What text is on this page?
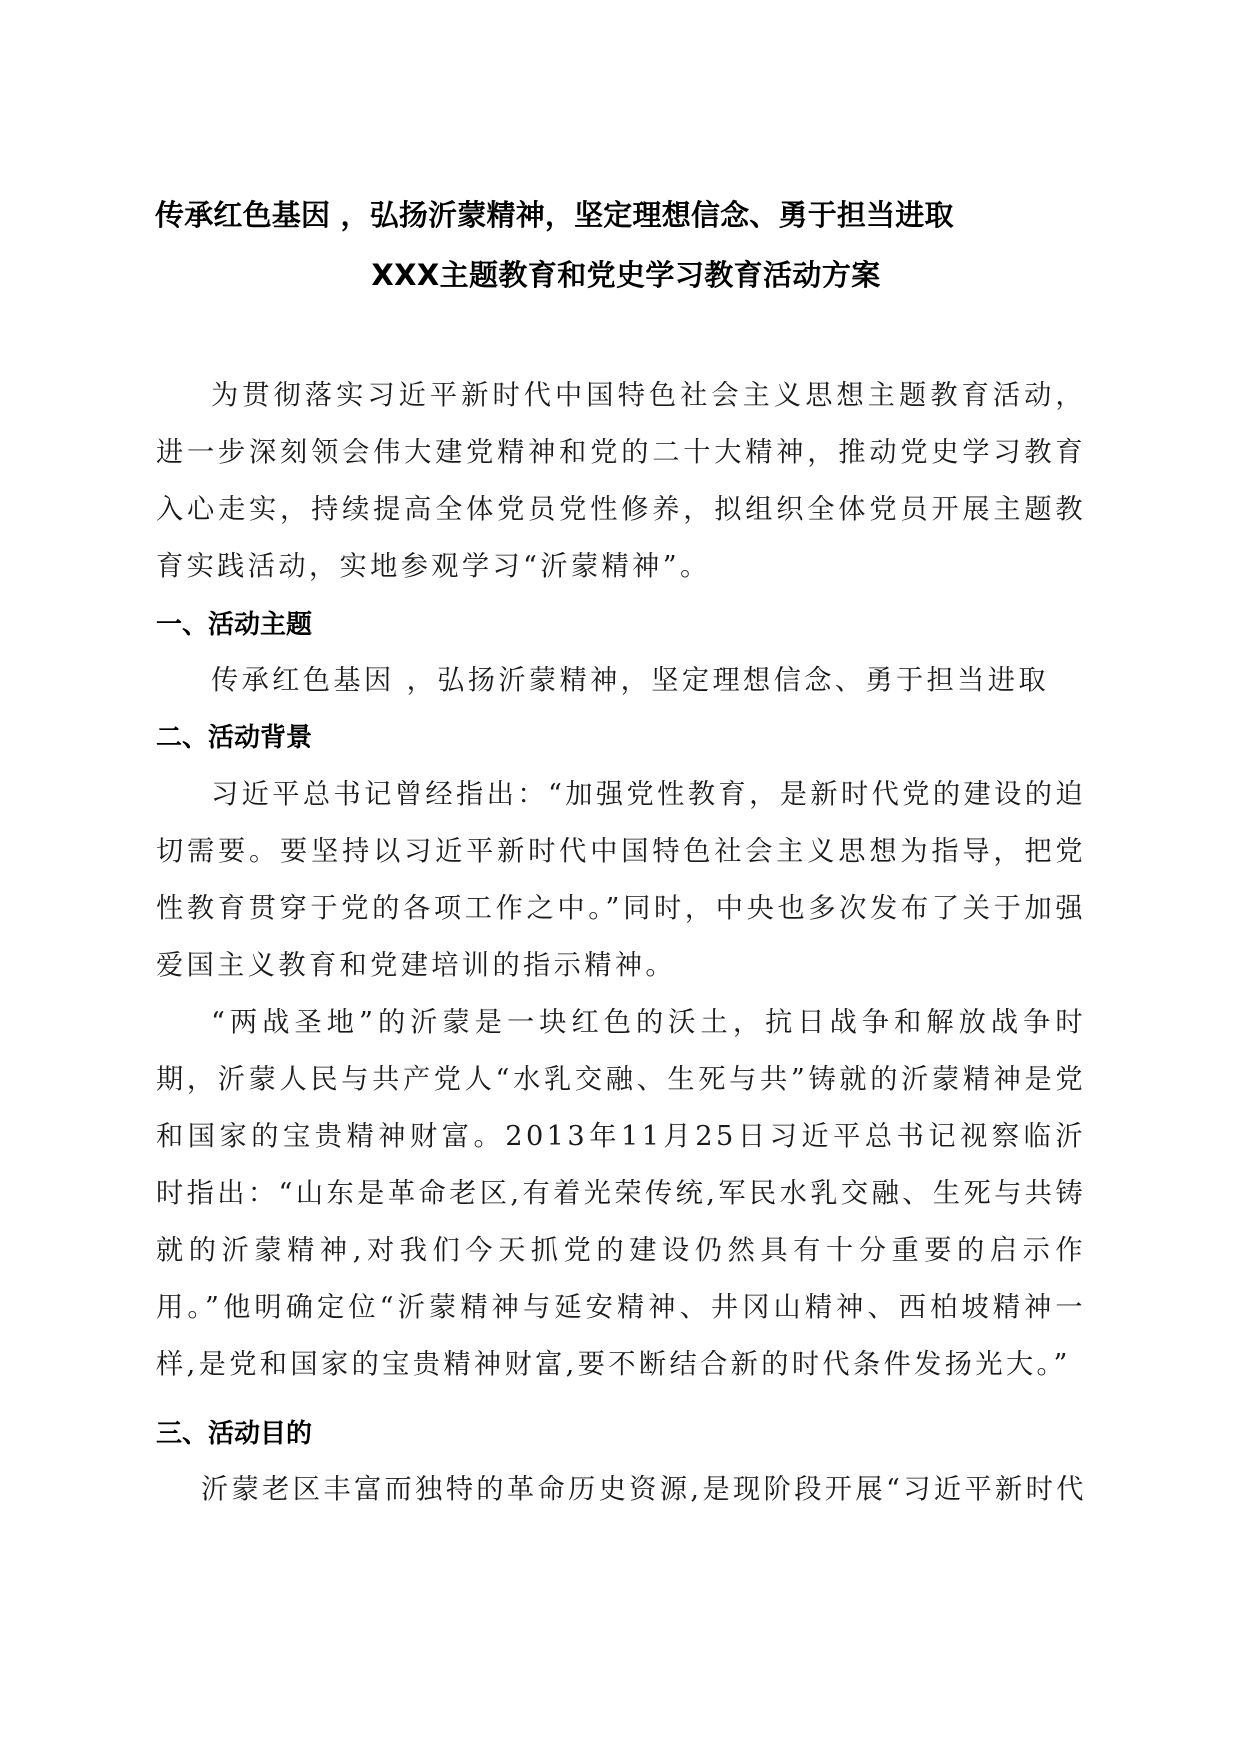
传承红色基因 ，弘扬沂蒙精神，坚定理想信念、勇于担当进取
XXX主题教育和党史学习教育活动方案

为贯彻落实习近平新时代中国特色社会主义思想主题教育活动，进一步深刻领会伟大建党精神和党的二十大精神，推动党史学习教育入心走实，持续提高全体党员党性修养，拟组织全体党员开展主题教育实践活动，实地参观学习“沂蒙精神”。

一、活动主题
传承红色基因 ，弘扬沂蒙精神，坚定理想信念、勇于担当进取
二、活动背景

习近平总书记曾经指出：“加强党性教育，是新时代党的建设的迫切需要。要坚持以习近平新时代中国特色社会主义思想为指导，把党性教育贯穿于党的各项工作之中。”同时，中央也多次发布了关于加强爱国主义教育和党建培训的指示精神。

“两战圣地”的沂蒙是一块红色的沃土，抗日战争和解放战争时期，沂蒙人民与共产党人“水乳交融、生死与共”铸就的沂蒙精神是党和国家的宝贵精神财富。2013年11月25日习近平总书记视察临沂时指出：“山东是革命老区,有着光荣传统,军民水乳交融、生死与共铸就的沂蒙精神,对我们今天抓党的建设仍然具有十分重要的启示作用。”他明确定位“沂蒙精神与延安精神、井冈山精神、西柏坡精神一样,是党和国家的宝贵精神财富,要不断结合新的时代条件发扬光大。”

三、活动目的
沂蒙老区丰富而独特的革命历史资源,是现阶段开展“习近平新时代
